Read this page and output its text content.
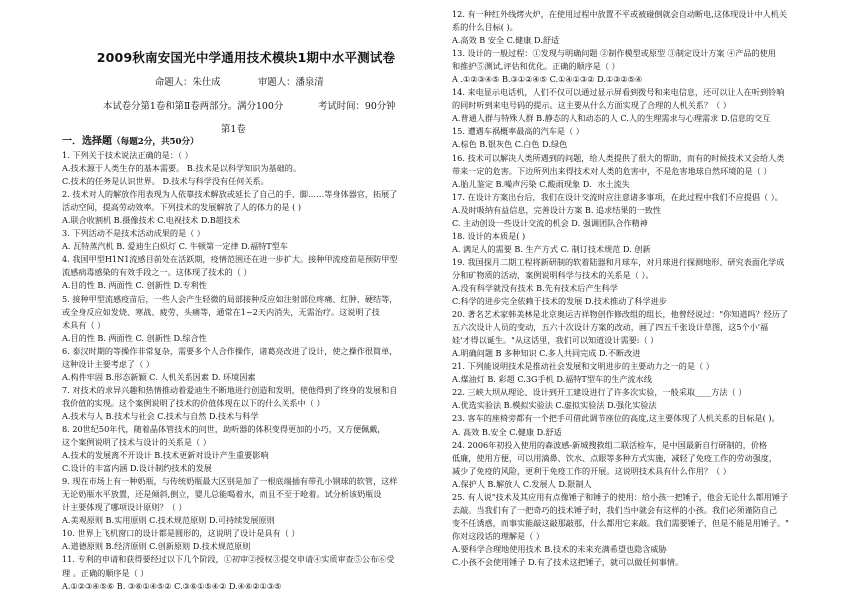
2009秋南安国光中学通用技术模块1期中水平测试卷
命题人：朱仕成	审题人：潘泉清
本试卷分第1卷和第Ⅱ卷两部分。满分100分	考试时间：90分钟
第1卷
一．选择题（每题2分，共50分）
1. 下列关于技术说法正确的是：（ ）
A.技术源于人类生存的基本需要。 B.技术是以科学知识为基础的。
C.技术的任务是认识世界。 D.技术与科学没有任何关系。
2. 技术对人的解放作用表现为人依靠技术解放或延长了自己的手、脚……等身体器官，拓展了
活动空间，提高劳动效率。下列技术的发展解放了人的体力的是 ( )
A.联合收割机 B.摄像技术 C.电视技术 D.B超技术
3. 下列活动不是技术活动成果的是（ ）
A. 瓦特蒸汽机 B. 爱迪生白炽灯 C. 牛顿第一定律 D.福特T型车
4. 我国甲型H1N1流感目前处在活跃期，疫情范围还在进一步扩大。接种甲流疫苗是预防甲型
流感病毒感染的有效手段之一。这体现了技术的（ ）
A.目的性 B. 两面性 C. 创新性 D.专利性
5. 接种甲型流感疫苗后，一些人会产生轻微的局部接种反应如注射部位疼痛、红肿、硬结等，
或全身反应如发烧、寒战、疲劳、头痛等，通常在1~2天内消失，无需治疗。这说明了技
术具有（ ）
A.目的性 B. 两面性 C. 创新性 D.综合性
6. 泰汉时期的等操作非常复杂，需要多个人合作操作，诸葛亮改进了设计，使之操作很简单，
这种设计主要考虑了（ ）
A.构件牢固 B.形态新颖 C. 人机关系因素 D. 环境因素
7. 对技术的求异兴趣和热情推动着爱迪生不断地进行创造和发明，使他得到了终身的发展和自
我价值的实现。这个案例说明了技术的价值体现在以下的什么关系中（ ）
A.技术与人 B.技术与社会 C.技术与自然 D.技术与科学
8. 20世纪50年代，随着晶体管技术的问世，助听器的体积变得更加的小巧，又方便佩戴，
这个案例说明了技术与设计的关系是（ ）
A.技术的发展离不开设计 B.技术更新对设计产生重要影响
C.设计的丰富内涵 D.设计制约技术的发展
9. 现在市场上有一种奶瓶，与传统奶瓶最大区别是加了一根底端插有带孔小钢球的软管，这样
无论奶瓶水平放置，还是倾斜,倒立，婴儿总能喝着水，而且不至于呛着。试分析该奶瓶设
计主要体现了哪项设计原则？（ ）
A.美观原则 B.实用原则 C.技术规范原则 D.可持续发展原则
10. 世界上飞机窗口的设计都是圆形的，这说明了设计是具有（ ）
A.道德原则 B.经济原则 C.创新原则 D.技术规范原则
11. 专利的申请和获得要经过以下几个阶段，①初审②授权③提交申请④实质审查⑤公布⑥受
理 。正确的顺序是（ ）
A.①②③④⑤⑥ B. ③⑥①④⑤② C.③⑥①⑤④② D.④⑥②①③⑤
12. 有一种红外线烤火炉，在使用过程中放置不平或被碰倒就会自动断电,这体现设计中人机关
系的什么目标( )。
A.高效 B 安全 C.健康 D.舒适
13. 设计的一般过程：①发现与明确问题 ②制作模型或原型 ③制定设计方案 ④产品的使用
和推护⑤测试,评估和优化。正确的顺序是（ ）
A .①②③④⑤ B.③①②④⑤ C.①④①③② D.①③②⑤④
14. 来电显示电话机，人们不仅可以通过显示屏看到拨号和来电信息，还可以让人在听到铃响
的同时听到来电号码的提示。这主要从什么方面实现了合理的人机关系？（ ）
A.普通人群与特殊人群 B.静态的人和动态的人 C.人的生理需求与心理需求 D.信息的交互
15. 遭遇车祸概率最高的汽车是（ ）
A.棕色 B.银灰色 C.白色 D.绿色
16. 技术可以解决人类所遇到的问题，给人类提供了很大的帮助，而有的时候技术又会给人类
带来一定的危害。下边所列出来得技术对人类的危害中，不是危害地球自然环境的是（ ）
A.胎儿鉴定 B.噪声污染 C.酸雨现象 D．水土流失
17. 在设计方案出台后，我们在设计交流时应注意诸多事项，在此过程中我们不应提倡（ ）。
A.及时吸纳有益信息，完善设计方案 B. 追求结果的一致性
C. 主动创设一些设计交流的机会 D. 强调团队合作精神
18. 设计的本质是( )
A. 满足人的需要 B. 生产方式 C. 制订技术规范 D. 创新
19. 我国探月二期工程将新研制的软着陆器和月球车，对月球进行探测地形、研究表面化学成
分和矿物质的活动，案例说明科学与技术的关系是（ ）。
A.没有科学就没有技术 B.先有技术后产生科学
C.科学的进步完全依赖于技术的发展 D.技术推动了科学进步
20. 著名艺术家韩美林是北京奥运吉祥物创作修改组的组长，他曾经说过："你知道吗？经历了
五六次设计人员的变动，五六十次设计方案的改动，画了四五千张设计草图，这5个小'福
娃'才得以诞生。"从这话里，我们可以知道设计需要:（ ）
A.明确问题 B 多种知识 C.多人共同完成 D.不断改进
21. 下列能说明技术是推动社会发展和文明进步的主要动力之一的是（ ）
A.煤油灯 B. 彩超 C.3G手机 D.福特T型车的生产流水线
22. 三峡大坝从理论、设计到开工建设进行了许多次实验，一般采取____方法（ ）
A.优选实验法 B.模拟实验法 C.虚拟实验法 D.强化实验法
23. 客车的座椅旁都有一个把手可借此调节座位的高度,这主要体现了人机关系的目标是( )。
A. 高效 B.安全 C.健康 D.舒适
24. 2006年初投入使用的森波感-新城搜救组二联活检车，是中国最新自行研制的，价格
低廉，使用方便，可以用滴鼻、饮水、点眼等多种方式实施，减轻了免疫工作的劳动强度，
减少了免疫的风险，更利于免疫工作的开展。这说明技术具有什么作用？（ ）
A.保护人 B.解放人 C.发展人 D.限制人
25. 有人说"技术及其应用有点像锤子和锤子的使用：给小孩一把锤子，他会无论什么都用锤子
去敲。当我们有了一把奇巧的技术锤子时，我们当中就会有这样的小孩。我们必须谨防自己
变不任诱惑，而事实能敲这敲那敲那，什么都用它来敲。我们需要锤子，但是不能是用锤子。"
你对这段话的理解是（ ）
A.要科学合理地使用技术 B.技术的未来充满希望也隐含威胁
C.小孩不会使用锤子 D.有了技术这把锤子，就可以做任何事情。
